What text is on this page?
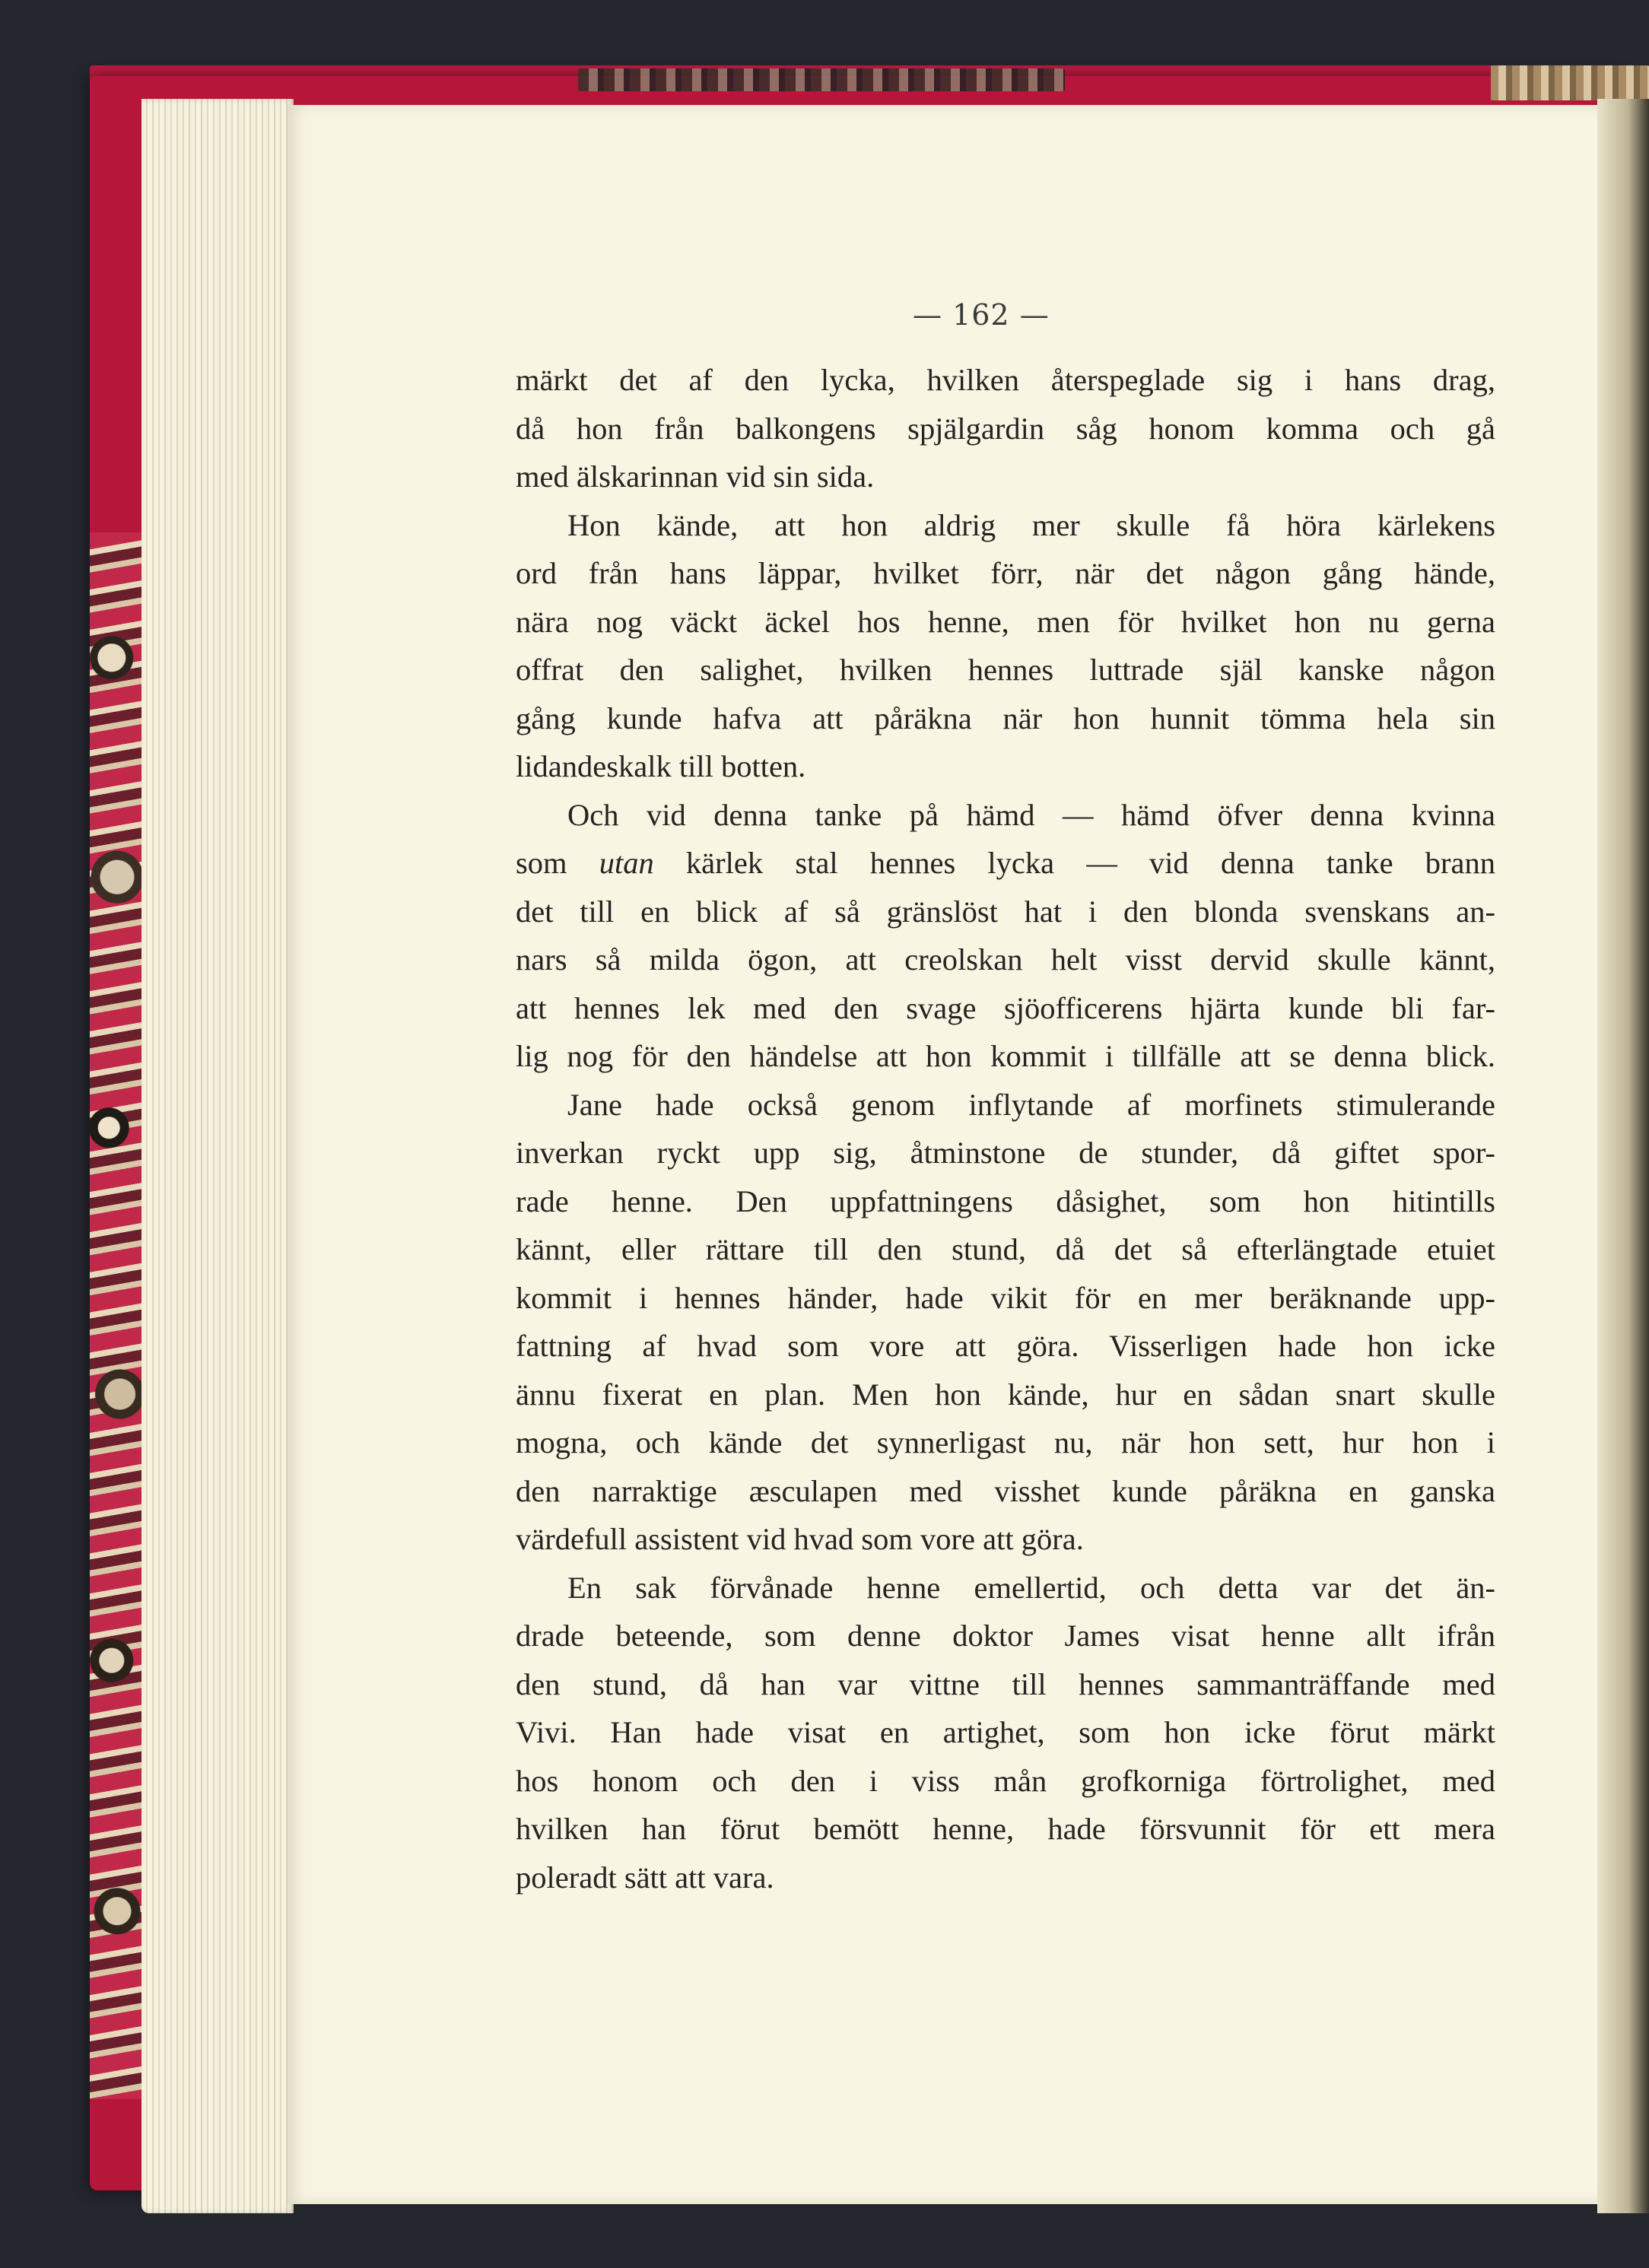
— 162 —
märkt det af den lycka, hvilken återspeglade sig i hans drag,
då hon från balkongens spjälgardin såg honom komma och gå
med älskarinnan vid sin sida.
Hon kände, att hon aldrig mer skulle få höra kärlekens
ord från hans läppar, hvilket förr, när det någon gång hände,
nära nog väckt äckel hos henne, men för hvilket hon nu gerna
offrat den salighet, hvilken hennes luttrade själ kanske någon
gång kunde hafva att påräkna när hon hunnit tömma hela sin
lidandeskalk till botten.
Och vid denna tanke på hämd — hämd öfver denna kvinna
som utan kärlek stal hennes lycka — vid denna tanke brann
det till en blick af så gränslöst hat i den blonda svenskans an-
nars så milda ögon, att creolskan helt visst dervid skulle kännt,
att hennes lek med den svage sjöofficerens hjärta kunde bli far-
lig nog för den händelse att hon kommit i tillfälle att se denna blick.
Jane hade också genom inflytande af morfinets stimulerande
inverkan ryckt upp sig, åtminstone de stunder, då giftet spor-
rade henne. Den uppfattningens dåsighet, som hon hitintills
kännt, eller rättare till den stund, då det så efterlängtade etuiet
kommit i hennes händer, hade vikit för en mer beräknande upp-
fattning af hvad som vore att göra. Visserligen hade hon icke
ännu fixerat en plan. Men hon kände, hur en sådan snart skulle
mogna, och kände det synnerligast nu, när hon sett, hur hon i
den narraktige æsculapen med visshet kunde påräkna en ganska
värdefull assistent vid hvad som vore att göra.
En sak förvånade henne emellertid, och detta var det än-
drade beteende, som denne doktor James visat henne allt ifrån
den stund, då han var vittne till hennes sammanträffande med
Vivi. Han hade visat en artighet, som hon icke förut märkt
hos honom och den i viss mån grofkorniga förtrolighet, med
hvilken han förut bemött henne, hade försvunnit för ett mera
poleradt sätt att vara.
